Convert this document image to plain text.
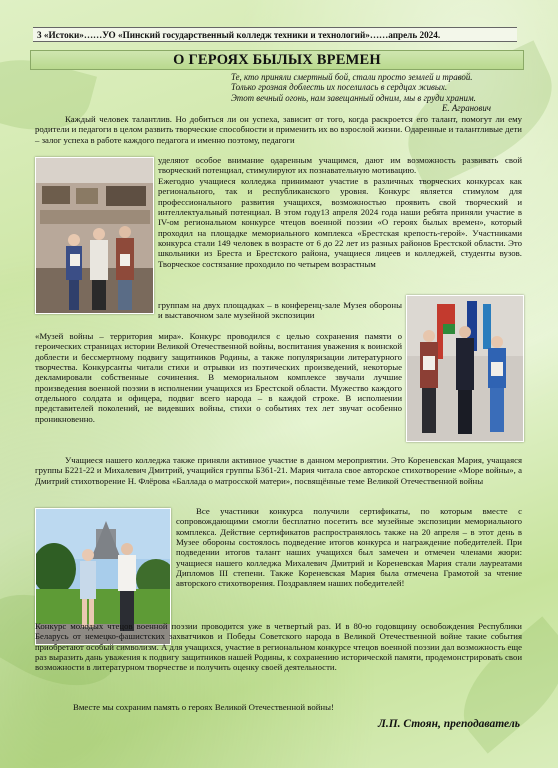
3 «Истоки»……УО «Пинский государственный колледж техники и технологий»……апрель 2024.
О ГЕРОЯХ БЫЛЫХ ВРЕМЕН
Те, кто приняли смертный бой, стали просто землей и травой.
Только грозная доблесть их поселилась в сердцах живых.
Этот вечный огонь, нам завещанный одним, мы в груди храним.
Е. Агранович

Каждый человек талантлив. Но добиться ли он успеха, зависит от того, когда раскроется его талант, помогут ли ему родители и педагоги в целом развить творческие способности и применить их во взрослой жизни. Одаренные и талантливые дети – залог успеха в работе каждого педагога и именно поэтому, педагоги

уделяют особое внимание одаренным учащимся, дают им возможность развивать свой творческий потенциал, стимулируют их познавательную мотивацию.

Ежегодно учащиеся колледжа принимают участие в различных творческих конкурсах как регионального, так и республиканского уровня. Конкурс является стимулом для профессионального развития учащихся, возможностью проявить свой творческий и интеллектуальный потенциал. В этом году13 апреля 2024 года наши ребята приняли участие в IV-ом региональном конкурсе чтецов военной поэзии «О героях былых времен», который проходил на площадке мемориального комплекса «Брестская крепость-герой». Участниками конкурса стали 149 человек в возрасте от 6 до 22 лет из разных районов Брестской области. Это школьники из Бреста и Брестского района, учащиеся лицеев и колледжей, студенты вузов. Творческое состязание проходило по четырем возрастным

группам на двух площадках – в конференц-зале Музея обороны и выставочном зале музейной экспозиции

«Музей войны – территория мира». Конкурс проводился с целью сохранения памяти о героических страницах истории Великой Отечественной войны, воспитания уважения к воинской доблести и бессмертному подвигу защитников Родины, а также популяризации литературного творчества. Конкурсанты читали стихи и отрывки из поэтических произведений, некоторые декламировали собственные сочинения. В мемориальном комплексе звучали лучшие произведения военной поэзии в исполнении учащихся из Брестской области. Мужество каждого отдельного солдата и офицера, подвиг всего народа – в каждой строке. В исполнении представителей поколений, не видевших войны, стихи о событиях тех лет звучат особенно проникновенно.

Учащиеся нашего колледжа также приняли активное участие в данном мероприятии. Это Кореневская Мария, учащаяся группы Б221-22 и Михалевич Дмитрий, учащийся группы Б361-21. Мария читала свое авторское стихотворение «Море войны», а Дмитрий стихотворение Н. Флёрова «Баллада о матросской матери», посвящённые теме Великой Отечественной войны

Все участники конкурса получили сертификаты, по которым вместе с сопровождающими смогли бесплатно посетить все музейные экспозиции мемориального комплекса. Действие сертификатов распространялось также на 20 апреля – в этот день в Музее обороны состоялось подведение итогов конкурса и награждение победителей. При подведении итогов талант наших учащихся был замечен и отмечен членами жюри: учащиеся нашего колледжа Михалевич Дмитрий и Кореневская Мария стали лауреатами Дипломов III степени. Также Кореневская Мария была отмечена Грамотой за чтение авторского стихотворения. Поздравляем наших победителей!

Конкурс молодых чтецов военной поэзии проводится уже в четвертый раз. И в 80-ю годовщину освобождения Республики Беларусь от немецко-фашистских захватчиков и Победы Советского народа в Великой Отечественной войне такие события приобретают особый символизм. А для учащихся, участие в региональном конкурсе чтецов военной поэзии дал возможность еще раз выразить дань уважения к подвигу защитников нашей Родины, к сохранению исторической памяти, продемонстрировать свои возможности в литературном творчестве и получить оценку своей деятельности.

Вместе мы сохраним память о героях Великой Отечественной войны!

Л.П. Стоян, преподаватель
